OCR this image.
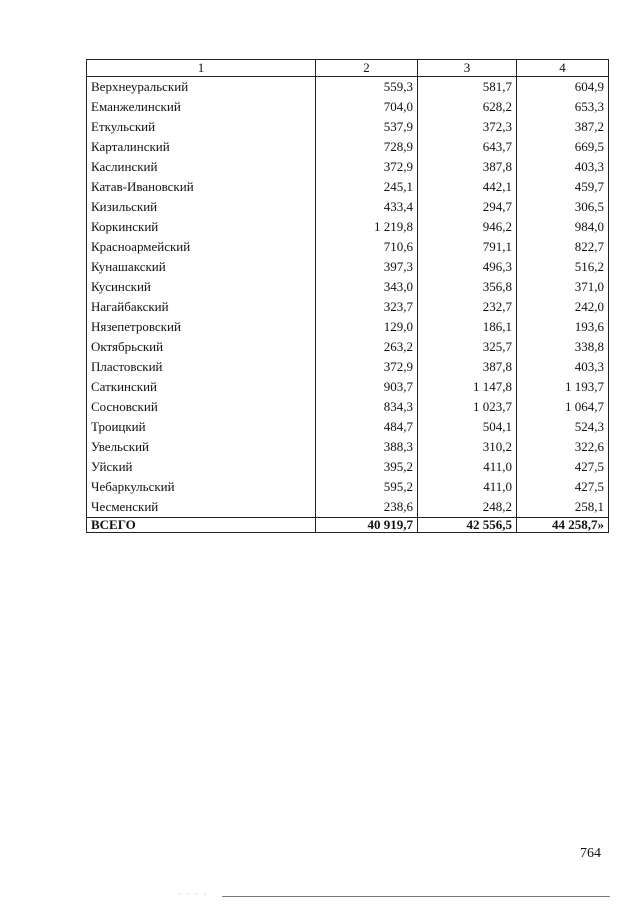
1	2	3	4
Верхнеуральский	559,3	581,7	604,9
Еманжелинский	704,0	628,2	653,3
Еткульский	537,9	372,3	387,2
Карталинский	728,9	643,7	669,5
Каслинский	372,9	387,8	403,3
Катав-Ивановский	245,1	442,1	459,7
Кизильский	433,4	294,7	306,5
Коркинский	1 219,8	946,2	984,0
Красноармейский	710,6	791,1	822,7
Кунашакский	397,3	496,3	516,2
Кусинский	343,0	356,8	371,0
Нагайбакский	323,7	232,7	242,0
Нязепетровский	129,0	186,1	193,6
Октябрьский	263,2	325,7	338,8
Пластовский	372,9	387,8	403,3
Саткинский	903,7	1 147,8	1 193,7
Сосновский	834,3	1 023,7	1 064,7
Троицкий	484,7	504,1	524,3
Увельский	388,3	310,2	322,6
Уйский	395,2	411,0	427,5
Чебаркульский	595,2	411,0	427,5
Чесменский	238,6	248,2	258,1
ВСЕГО	40 919,7	42 556,5	44 258,7»
764
· · · ·
